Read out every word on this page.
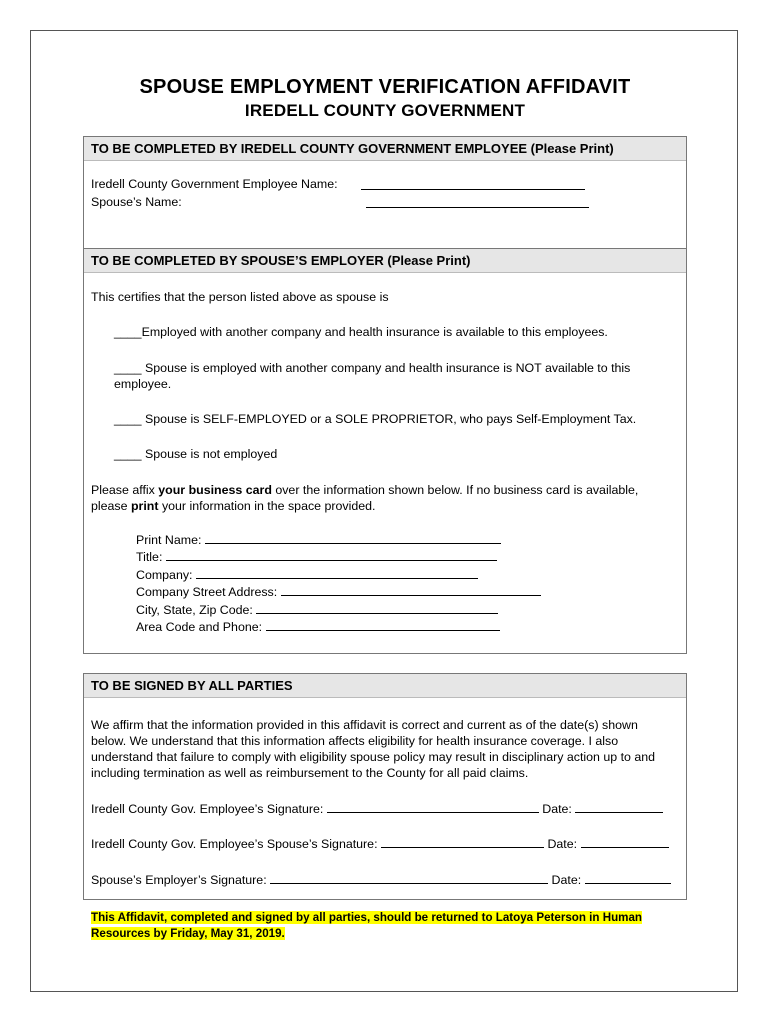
SPOUSE EMPLOYMENT VERIFICATION AFFIDAVIT
IREDELL COUNTY GOVERNMENT
TO BE COMPLETED BY IREDELL COUNTY GOVERNMENT EMPLOYEE (Please Print)
Iredell County Government Employee Name:
Spouse’s Name:
TO BE COMPLETED BY SPOUSE’S EMPLOYER (Please Print)
This certifies that the person listed above as spouse is
____Employed with another company and health insurance is available to this employees.
____ Spouse is employed with another company and health insurance is NOT available to this employee.
____ Spouse is SELF-EMPLOYED or a SOLE PROPRIETOR, who pays Self-Employment Tax.
____ Spouse is not employed
Please affix your business card over the information shown below. If no business card is available, please print your information in the space provided.
Print Name:
Title:
Company:
Company Street Address:
City, State, Zip Code:
Area Code and Phone:
TO BE SIGNED BY ALL PARTIES
We affirm that the information provided in this affidavit is correct and current as of the date(s) shown below. We understand that this information affects eligibility for health insurance coverage. I also understand that failure to comply with eligibility spouse policy may result in disciplinary action up to and including termination as well as reimbursement to the County for all paid claims.
Iredell County Gov. Employee’s Signature:	Date:
Iredell County Gov. Employee’s Spouse’s Signature:	Date:
Spouse’s Employer’s Signature:	Date:
This Affidavit, completed and signed by all parties, should be returned to Latoya Peterson in Human Resources by Friday, May 31, 2019.
